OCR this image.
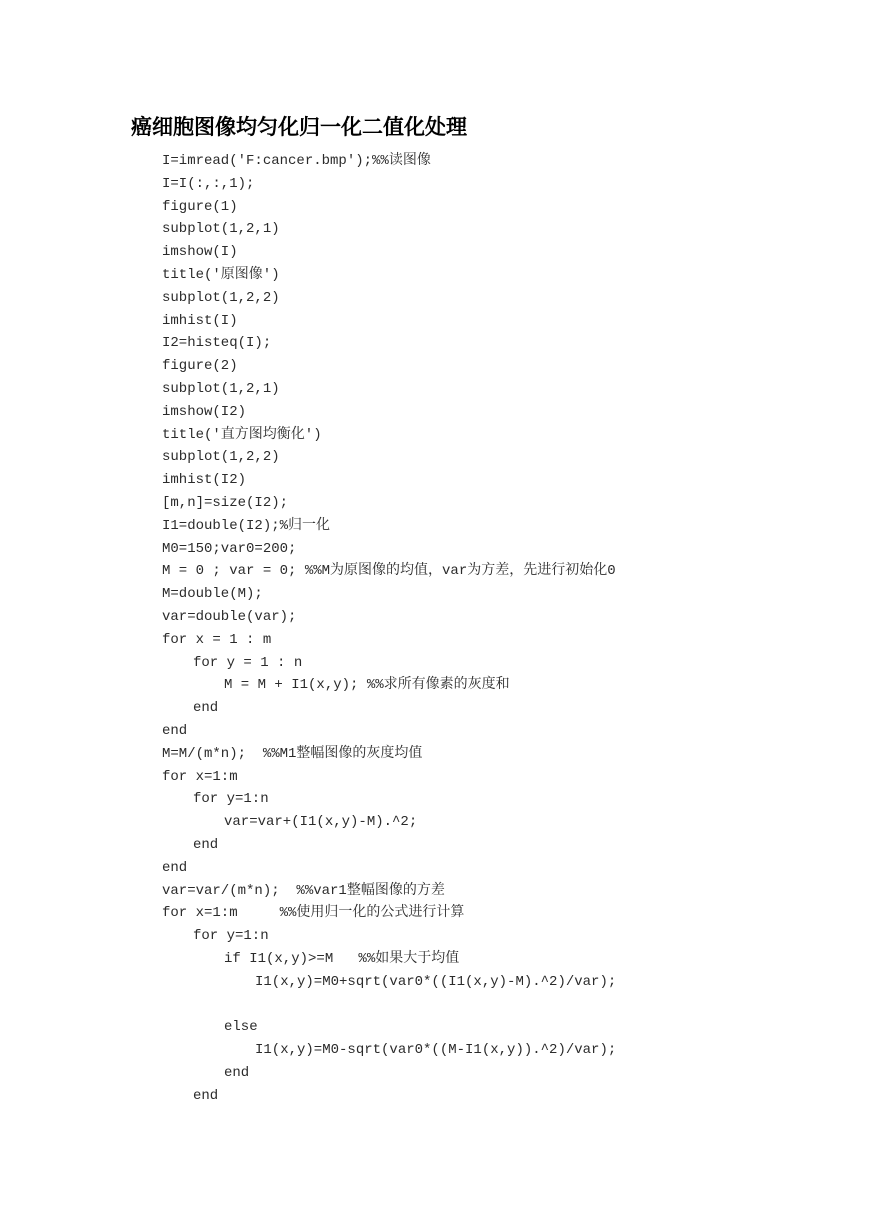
癌细胞图像均匀化归一化二值化处理
I=imread('F:cancer.bmp');%%读图像
I=I(:,:,1);
figure(1)
subplot(1,2,1)
imshow(I)
title('原图像')
subplot(1,2,2)
imhist(I)
I2=histeq(I);
figure(2)
subplot(1,2,1)
imshow(I2)
title('直方图均衡化')
subplot(1,2,2)
imhist(I2)
[m,n]=size(I2);
I1=double(I2);%归一化
M0=150;var0=200;
M = 0 ; var = 0; %%M为原图像的均值，var为方差，先进行初始化0
M=double(M);
var=double(var);
for x = 1 : m
for y = 1 : n
M = M + I1(x,y); %%求所有像素的灰度和
end
end
M=M/(m*n);  %%M1整幅图像的灰度均值
for x=1:m
for y=1:n
var=var+(I1(x,y)-M).^2;
end
end
var=var/(m*n);  %%var1整幅图像的方差
for x=1:m     %%使用归一化的公式进行计算
for y=1:n
if I1(x,y)>=M   %%如果大于均值
I1(x,y)=M0+sqrt(var0*((I1(x,y)-M).^2)/var);
else
I1(x,y)=M0-sqrt(var0*((M-I1(x,y)).^2)/var);
end
end
